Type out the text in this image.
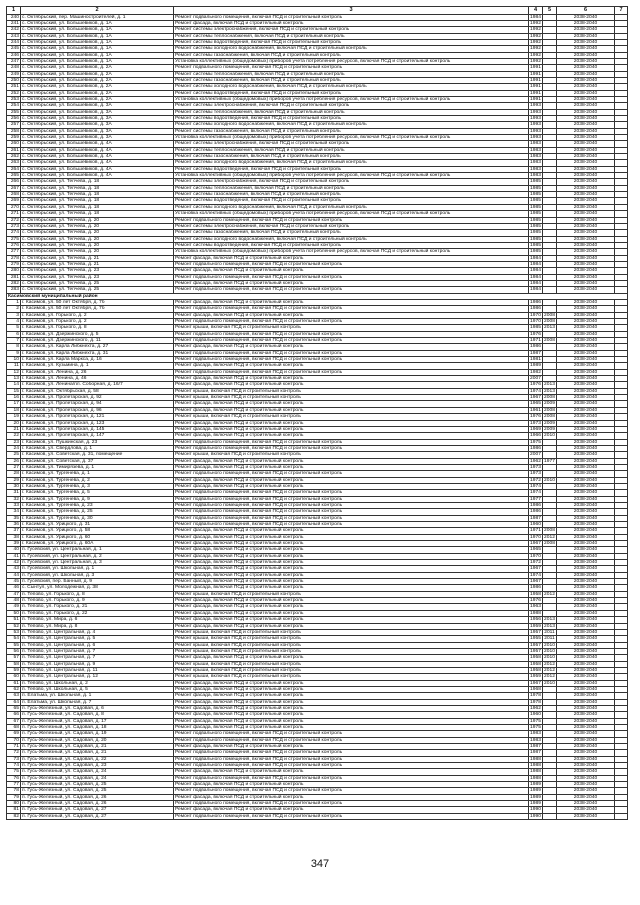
1	2	3	4	5	6	7
240	с. Октябрьский, пер. Машиностроителей, д. 1	Ремонт подвального помещения, включая ПСД и строительный контроль	1984		2038-2040	
241	с. Октябрьский, ул. Большевиков, д. 1А	Ремонт фасада, включая ПСД и строительный контроль	1992		2038-2040	
242	с. Октябрьский, ул. Большевиков, д. 1А	Ремонт системы электроснабжения, включая ПСД и строительный контроль	1992		2038-2040	
243	с. Октябрьский, ул. Большевиков, д. 1А	Ремонт системы теплоснабжения, включая ПСД и строительный контроль	1992		2038-2040	
244	с. Октябрьский, ул. Большевиков, д. 1А	Ремонт системы водоотведения, включая ПСД и строительный контроль	1992		2038-2040	
245	с. Октябрьский, ул. Большевиков, д. 1А	Ремонт системы холодного водоснабжения, включая ПСД и строительный контроль	1992		2038-2040	
246	с. Октябрьский, ул. Большевиков, д. 1А	Ремонт системы газоснабжения, включая ПСД и строительный контроль	1992		2038-2040	
247	с. Октябрьский, ул. Большевиков, д. 1А	Установка коллективных (общедомовых) приборов учета потребления ресурсов, включая ПСД и строительный контроль	1992		2038-2040	
248	с. Октябрьский, ул. Большевиков, д. 2А	Ремонт подвального помещения, включая ПСД и строительный контроль	1991		2038-2040	
249	с. Октябрьский, ул. Большевиков, д. 2А	Ремонт системы теплоснабжения, включая ПСД и строительный контроль	1991		2038-2040	
250	с. Октябрьский, ул. Большевиков, д. 2А	Ремонт системы газоснабжения, включая ПСД и строительный контроль	1991		2038-2040	
251	с. Октябрьский, ул. Большевиков, д. 2А	Ремонт системы холодного водоснабжения, включая ПСД и строительный контроль	1991		2038-2040	
252	с. Октябрьский, ул. Большевиков, д. 2А	Ремонт системы водоотведения, включая ПСД и строительный контроль	1991		2038-2040	
253	с. Октябрьский, ул. Большевиков, д. 2А	Установка коллективных (общедомовых) приборов учета потребления ресурсов, включая ПСД и строительный контроль	1991		2038-2040	
254	с. Октябрьский, ул. Большевиков, д. 3А	Ремонт системы электроснабжения, включая ПСД и строительный контроль	1993		2038-2040	
255	с. Октябрьский, ул. Большевиков, д. 3А	Ремонт системы теплоснабжения, включая ПСД и строительный контроль	1993		2038-2040	
256	с. Октябрьский, ул. Большевиков, д. 3А	Ремонт системы водоотведения, включая ПСД и строительный контроль	1993		2038-2040	
257	с. Октябрьский, ул. Большевиков, д. 3А	Ремонт системы холодного водоснабжения, включая ПСД и строительный контроль	1993		2038-2040	
258	с. Октябрьский, ул. Большевиков, д. 3А	Ремонт системы газоснабжения, включая ПСД и строительный контроль	1993		2038-2040	
259	с. Октябрьский, ул. Большевиков, д. 3А	Установка коллективных (общедомовых) приборов учета потребления ресурсов, включая ПСД и строительный контроль	1993		2038-2040	
260	с. Октябрьский, ул. Большевиков, д. 4А	Ремонт системы электроснабжения, включая ПСД и строительный контроль	1983		2038-2040	
261	с. Октябрьский, ул. Большевиков, д. 4А	Ремонт системы теплоснабжения, включая ПСД и строительный контроль	1983		2038-2040	
262	с. Октябрьский, ул. Большевиков, д. 4А	Ремонт системы газоснабжения, включая ПСД и строительный контроль	1983		2038-2040	
263	с. Октябрьский, ул. Большевиков, д. 4А	Ремонт системы холодного водоснабжения, включая ПСД и строительный контроль	1983		2038-2040	
264	с. Октябрьский, ул. Большевиков, д. 4А	Ремонт системы водоотведения, включая ПСД и строительный контроль	1983		2038-2040	
265	с. Октябрьский, ул. Большевиков, д. 4А	Установка коллективных (общедомовых) приборов учета потребления ресурсов, включая ПСД и строительный контроль	1983		2038-2040	
266	с. Октябрьский, ул. Тепчева, д. 18	Ремонт системы электроснабжения, включая ПСД и строительный контроль	1985		2038-2040	
267	с. Октябрьский, ул. Тепчева, д. 18	Ремонт системы теплоснабжения, включая ПСД и строительный контроль	1985		2038-2040	
268	с. Октябрьский, ул. Тепчева, д. 18	Ремонт системы газоснабжения, включая ПСД и строительный контроль	1985		2038-2040	
269	с. Октябрьский, ул. Тепчева, д. 18	Ремонт системы водоотведения, включая ПСД и строительный контроль	1985		2038-2040	
270	с. Октябрьский, ул. Тепчева, д. 18	Ремонт системы холодного водоснабжения, включая ПСД и строительный контроль	1985		2038-2040	
271	с. Октябрьский, ул. Тепчева, д. 18	Установка коллективных (общедомовых) приборов учета потребления ресурсов, включая ПСД и строительный контроль	1985		2038-2040	
272	с. Октябрьский, ул. Тепчева, д. 20	Ремонт подвального помещения, включая ПСД и строительный контроль	1985		2038-2040	
273	с. Октябрьский, ул. Тепчева, д. 20	Ремонт системы электроснабжения, включая ПСД и строительный контроль	1985		2038-2040	
274	с. Октябрьский, ул. Тепчева, д. 20	Ремонт системы газоснабжения, включая ПСД и строительный контроль	1985		2038-2040	
275	с. Октябрьский, ул. Тепчева, д. 20	Ремонт системы холодного водоснабжения, включая ПСД и строительный контроль	1985		2038-2040	
276	с. Октябрьский, ул. Тепчева, д. 20	Ремонт системы водоотведения, включая ПСД и строительный контроль	1985		2038-2040	
277	с. Октябрьский, ул. Тепчева, д. 20	Установка коллективных (общедомовых) приборов учета потребления ресурсов, включая ПСД и строительный контроль	1985		2038-2040	
278	с. Октябрьский, ул. Тепчева, д. 21	Ремонт фасада, включая ПСД и строительный контроль	1984		2038-2040	
279	с. Октябрьский, ул. Тепчева, д. 21	Ремонт подвального помещения, включая ПСД и строительный контроль	1984		2038-2040	
280	с. Октябрьский, ул. Тепчева, д. 23	Ремонт фасада, включая ПСД и строительный контроль	1984		2038-2040	
281	с. Октябрьский, ул. Тепчева, д. 23	Ремонт подвального помещения, включая ПСД и строительный контроль	1984		2038-2040	
282	с. Октябрьский, ул. Тепчева, д. 25	Ремонт фасада, включая ПСД и строительный контроль	1984		2038-2040	
283	с. Октябрьский, ул. Тепчева, д. 25	Ремонт подвального помещения, включая ПСД и строительный контроль	1984		2038-2040	
Касимовский муниципальный район						
1	г. Касимов, ул. 50 лет Октября, д. 7б	Ремонт фасада, включая ПСД и строительный контроль	1986		2038-2040	
2	г. Касимов, ул. 50 лет Октября, д. 7б	Ремонт подвального помещения, включая ПСД и строительный контроль	1986		2038-2040	
3	г. Касимов, ул. Горького, д. 2	Ремонт фасада, включая ПСД и строительный контроль	1970	2008	2038-2040	
4	г. Касимов, ул. Горького, д. 2	Ремонт подвального помещения, включая ПСД и строительный контроль	1970	2008	2038-2040	
5	г. Касимов, ул. Горького, д. 8	Ремонт крыши, включая ПСД и строительный контроль	1985	2013	2038-2040	
6	г. Касимов, ул. Дзержинского, д. 5	Ремонт подвального помещения, включая ПСД и строительный контроль	1976		2038-2040	
7	г. Касимов, ул. Дзержинского, д. 11	Ремонт подвального помещения, включая ПСД и строительный контроль	1971	2008	2038-2040	
8	г. Касимов, ул. Карла Либкнехта, д. 27	Ремонт фасада, включая ПСД и строительный контроль	1986		2038-2040	
9	г. Касимов, ул. Карла Либкнехта, д. 31	Ремонт подвального помещения, включая ПСД и строительный контроль	1987		2038-2040	
10	г. Касимов, ул. Карла Маркса, д. 16	Ремонт подвального помещения, включая ПСД и строительный контроль	1981		2038-2040	
11	г. Касимов, ул. Кузьмина, д. 1	Ремонт фасада, включая ПСД и строительный контроль	1989		2038-2040	
12	г. Касимов, ул. Ленина, д. 26	Ремонт подвального помещения, включая ПСД и строительный контроль	1982		2038-2040	
13	г. Касимов, ул. Ленина, д. 46	Ремонт фасада, включая ПСД и строительный контроль	2007		2038-2040	
14	г. Касимов, ул. Ленина/пл. Соборная, д. 16/7	Ремонт фасада, включая ПСД и строительный контроль	1976	2013	2038-2040	
15	г. Касимов, ул. Октябрьская, д. 58	Ремонт крыши, включая ПСД и строительный контроль	1974	2013	2038-2040	
16	г. Касимов, ул. Пролетарская, д. 92	Ремонт крыши, включая ПСД и строительный контроль	1967	2008	2038-2040	
17	г. Касимов, ул. Пролетарская, д. 94	Ремонт фасада, включая ПСД и строительный контроль	1965	2009	2038-2040	
18	г. Касимов, ул. Пролетарская, д. 96	Ремонт фасада, включая ПСД и строительный контроль	1961	2008	2038-2040	
19	г. Касимов, ул. Пролетарская, д. 121	Ремонт крыши, включая ПСД и строительный контроль	1976	2008	2038-2040	
20	г. Касимов, ул. Пролетарская, д. 123	Ремонт фасада, включая ПСД и строительный контроль	1973	2009	2038-2040	
21	г. Касимов, ул. Пролетарская, д. 145	Ремонт фасада, включая ПСД и строительный контроль	1969	2009	2038-2040	
22	г. Касимов, ул. Пролетарская, д. 147	Ремонт фасада, включая ПСД и строительный контроль	1966	2010	2038-2040	
23	г. Касимов, ул. Пушкинская, д. 23	Ремонт подвального помещения, включая ПСД и строительный контроль	1975		2038-2040	
24	г. Касимов, ул. Свердлова, д. 1	Ремонт подвального помещения, включая ПСД и строительный контроль	1986		2038-2040	
25	г. Касимов, ул. Советская, д. 31, помещение	Ремонт крыши, включая ПСД и строительный контроль	2007		2038-2040	
26	г. Касимов, ул. Советская, д. 37	Ремонт фасада, включая ПСД и строительный контроль	1962	1977	2038-2040	
27	г. Касимов, ул. Тимирязева, д. 1	Ремонт фасада, включая ПСД и строительный контроль	1973		2038-2040	
28	г. Касимов, ул. Тургенева, д. 1	Ремонт подвального помещения, включая ПСД и строительный контроль	1973		2038-2040	
29	г. Касимов, ул. Тургенева, д. 2	Ремонт фасада, включая ПСД и строительный контроль	1972	2010	2038-2040	
30	г. Касимов, ул. Тургенева, д. 3	Ремонт фасада, включая ПСД и строительный контроль	1974		2038-2040	
31	г. Касимов, ул. Тургенева, д. 5	Ремонт подвального помещения, включая ПСД и строительный контроль	1974		2038-2040	
32	г. Касимов, ул. Тургенева, д. 9	Ремонт подвального помещения, включая ПСД и строительный контроль	1977		2038-2040	
33	г. Касимов, ул. Тургенева, д. 23	Ремонт подвального помещения, включая ПСД и строительный контроль	1986		2038-2040	
34	г. Касимов, ул. Тургенева, д. 25	Ремонт подвального помещения, включая ПСД и строительный контроль	1986		2038-2040	
35	г. Касимов, ул. Тургенева, д. 30	Ремонт подвального помещения, включая ПСД и строительный контроль	1987		2038-2040	
36	г. Касимов, ул. Урицкого, д. 31	Ремонт подвального помещения, включая ПСД и строительный контроль	1960		2038-2040	
37	г. Касимов, ул. Урицкого, д. 58	Ремонт фасада, включая ПСД и строительный контроль	1971	2008	2038-2040	
38	г. Касимов, ул. Урицкого, д. 60	Ремонт фасада, включая ПСД и строительный контроль	1970	2012	2038-2040	
39	г. Касимов, ул. Урицкого, д. 60А	Ремонт фасада, включая ПСД и строительный контроль	1967	2008	2038-2040	
40	п. Гусевский, ул. Центральная, д. 1	Ремонт фасада, включая ПСД и строительный контроль	1965		2038-2040	
41	п. Гусевский, ул. Центральная, д. 2	Ремонт фасада, включая ПСД и строительный контроль	1970		2038-2040	
42	п. Гусевский, ул. Центральная, д. 3	Ремонт фасада, включая ПСД и строительный контроль	1972		2038-2040	
43	п. Гусевский, ул. Школьная, д. 1	Ремонт фасада, включая ПСД и строительный контроль	1967		2038-2040	
44	п. Гусевский, ул. Школьная, д. 3	Ремонт фасада, включая ПСД и строительный контроль	1974		2038-2040	
45	п. Гусевский, пер. Банный, д. 9	Ремонт фасада, включая ПСД и строительный контроль	1967		2038-2040	
46	с. Сынтул, ул. Молодежная, д. 38	Ремонт фасада, включая ПСД и строительный контроль	1986		2038-2040	
47	п. Тепово, ул. Горького, д. 8	Ремонт крыши, включая ПСД и строительный контроль	1958	2012	2038-2040	
48	п. Тепово, ул. Горького, д. 9	Ремонт фасада, включая ПСД и строительный контроль	1976		2038-2040	
49	п. Тепово, ул. Горького, д. 21	Ремонт фасада, включая ПСД и строительный контроль	1963		2038-2040	
50	п. Тепово, ул. Горького, д. 22	Ремонт фасада, включая ПСД и строительный контроль	1988		2038-2040	
51	п. Тепово, ул. Мира, д. 6	Ремонт фасада, включая ПСД и строительный контроль	1956	2013	2038-2040	
52	п. Тепово, ул. Мира, д. 8	Ремонт фасада, включая ПСД и строительный контроль	1959	2013	2038-2040	
53	п. Тепово, ул. Центральная, д. 4	Ремонт крыши, включая ПСД и строительный контроль	1957	2011	2038-2040	
54	п. Тепово, ул. Центральная, д. 5	Ремонт крыши, включая ПСД и строительный контроль	1955	2011	2038-2040	
55	п. Тепово, ул. Центральная, д. 6	Ремонт крыши, включая ПСД и строительный контроль	1957	2010	2038-2040	
56	п. Тепово, ул. Центральная, д. 7	Ремонт крыши, включая ПСД и строительный контроль	1957	2010	2038-2040	
57	п. Тепово, ул. Центральная, д. 7	Ремонт фасада, включая ПСД и строительный контроль	1958	2010	2038-2040	
58	п. Тепово, ул. Центральная, д. 9	Ремонт крыши, включая ПСД и строительный контроль	1958	2012	2038-2040	
59	п. Тепово, ул. Центральная, д. 11	Ремонт крыши, включая ПСД и строительный контроль	1958	2012	2038-2040	
60	п. Тепово, ул. Центральная, д. 12	Ремонт крыши, включая ПСД и строительный контроль	1959	2012	2038-2040	
61	п. Тепово, ул. Школьная, д. 2	Ремонт фасада, включая ПСД и строительный контроль	1967	2010	2038-2040	
62	п. Тепово, ул. Школьная, д. 5	Ремонт фасада, включая ПСД и строительный контроль	1968		2038-2040	
63	п. Елатьма, ул. Школьная, д. 1	Ремонт фасада, включая ПСД и строительный контроль	1978		2038-2040	
64	п. Елатьма, ул. Школьная, д. 7	Ремонт фасада, включая ПСД и строительный контроль	1978		2038-2040	
65	п. Гусь-Железный, ул. Садовая, д. 6	Ремонт фасада, включая ПСД и строительный контроль	1962		2038-2040	
66	п. Гусь-Железный, ул. Садовая, д. 8	Ремонт фасада, включая ПСД и строительный контроль	1960		2038-2040	
67	п. Гусь-Железный, ул. Садовая, д. 17	Ремонт фасада, включая ПСД и строительный контроль	1975		2038-2040	
68	п. Гусь-Железный, ул. Садовая, д. 18	Ремонт фасада, включая ПСД и строительный контроль	1975		2038-2040	
69	п. Гусь-Железный, ул. Садовая, д. 19	Ремонт подвального помещения, включая ПСД и строительный контроль	1983		2038-2040	
70	п. Гусь-Железный, ул. Садовая, д. 20	Ремонт подвального помещения, включая ПСД и строительный контроль	1983		2038-2040	
71	п. Гусь-Железный, ул. Садовая, д. 21	Ремонт фасада, включая ПСД и строительный контроль	1987		2038-2040	
72	п. Гусь-Железный, ул. Садовая, д. 21	Ремонт подвального помещения, включая ПСД и строительный контроль	1987		2038-2040	
73	п. Гусь-Железный, ул. Садовая, д. 22	Ремонт подвального помещения, включая ПСД и строительный контроль	1988		2038-2040	
74	п. Гусь-Железный, ул. Садовая, д. 23	Ремонт подвального помещения, включая ПСД и строительный контроль	1988		2038-2040	
75	п. Гусь-Железный, ул. Садовая, д. 24	Ремонт фасада, включая ПСД и строительный контроль	1988		2038-2040	
76	п. Гусь-Железный, ул. Садовая, д. 24	Ремонт подвального помещения, включая ПСД и строительный контроль	1988		2038-2040	
77	п. Гусь-Железный, ул. Садовая, д. 25	Ремонт фасада, включая ПСД и строительный контроль	1989		2038-2040	
78	п. Гусь-Железный, ул. Садовая, д. 25	Ремонт подвального помещения, включая ПСД и строительный контроль	1989		2038-2040	
79	п. Гусь-Железный, ул. Садовая, д. 26	Ремонт фасада, включая ПСД и строительный контроль	1989		2038-2040	
80	п. Гусь-Железный, ул. Садовая, д. 26	Ремонт подвального помещения, включая ПСД и строительный контроль	1989		2038-2040	
81	п. Гусь-Железный, ул. Садовая, д. 27	Ремонт фасада, включая ПСД и строительный контроль	1990		2038-2040	
82	п. Гусь-Железный, ул. Садовая, д. 27	Ремонт подвального помещения, включая ПСД и строительный контроль	1990		2038-2040	
347
